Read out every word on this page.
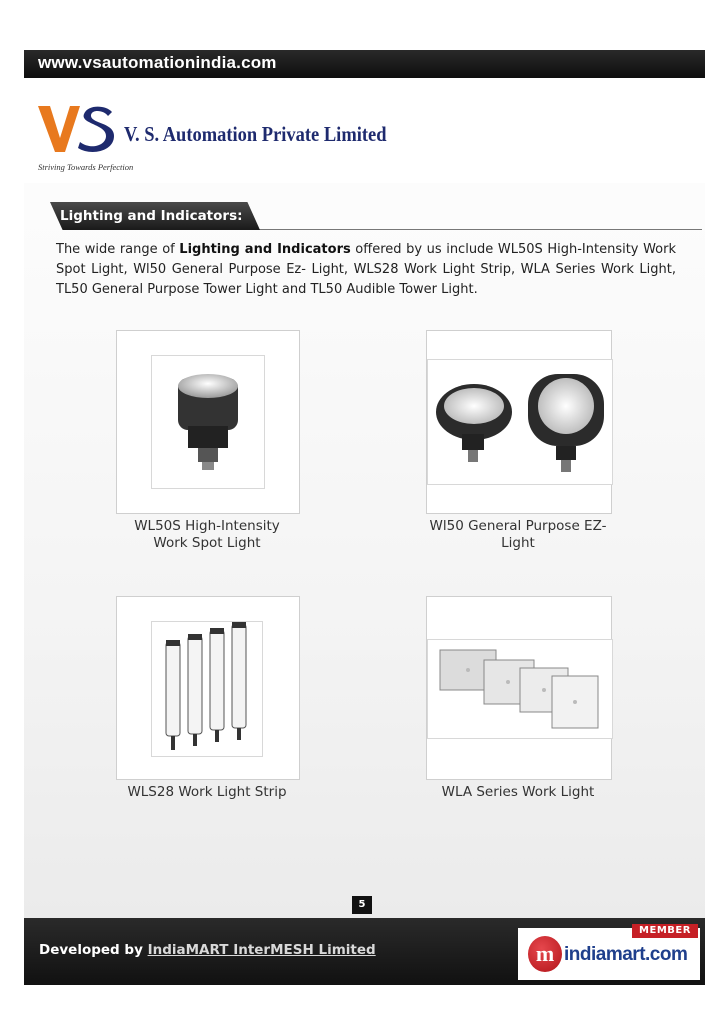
www.vsautomationindia.com
V. S. Automation Private Limited
Striving Towards Perfection
Lighting and Indicators:

The wide range of Lighting and Indicators offered by us include WL50S High-Intensity Work Spot Light, Wl50 General Purpose Ez- Light, WLS28 Work Light Strip, WLA Series Work Light, TL50 General Purpose Tower Light and TL50 Audible Tower Light.

WL50S High-Intensity Work Spot Light
Wl50 General Purpose EZ-Light
WLS28 Work Light Strip	WLA Series Work Light
5
Developed by IndiaMART InterMESH Limited
MEMBER
m indiamart.com
